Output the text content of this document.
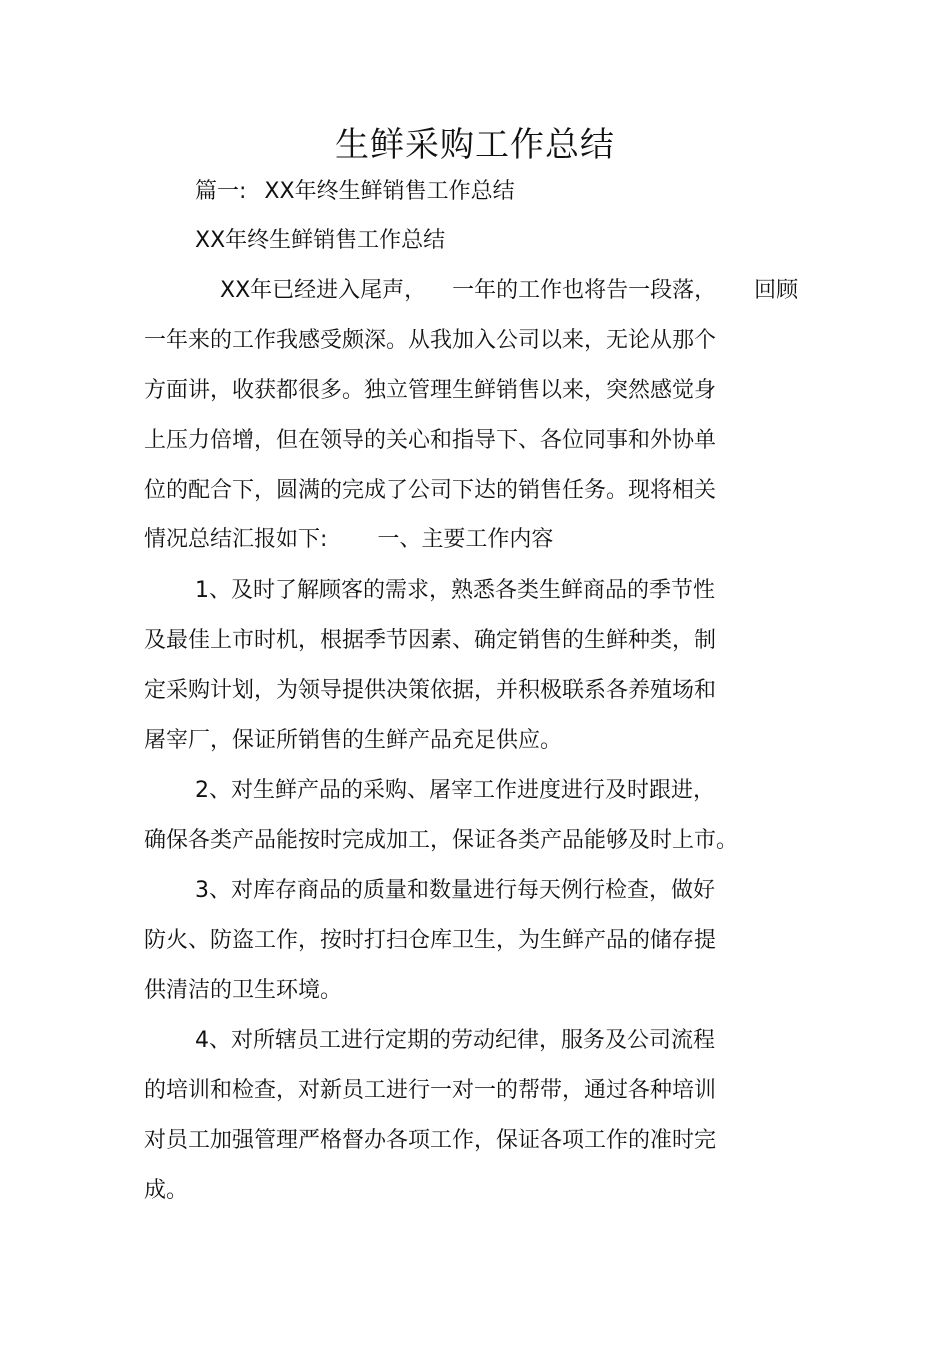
生鲜采购工作总结
篇一: XX年终生鲜销售工作总结
XX年终生鲜销售工作总结
XX年已经进入尾声， 一年的工作也将告一段落， 回顾
一年来的工作我感受颇深。从我加入公司以来，无论从那个
方面讲，收获都很多。独立管理生鲜销售以来，突然感觉身
上压力倍增，但在领导的关心和指导下、各位同事和外协单
位的配合下，圆满的完成了公司下达的销售任务。现将相关
情况总结汇报如下: 一、主要工作内容
1、及时了解顾客的需求，熟悉各类生鲜商品的季节性
及最佳上市时机，根据季节因素、确定销售的生鲜种类，制
定采购计划，为领导提供决策依据，并积极联系各养殖场和
屠宰厂，保证所销售的生鲜产品充足供应。
2、对生鲜产品的采购、屠宰工作进度进行及时跟进，
确保各类产品能按时完成加工，保证各类产品能够及时上市。
3、对库存商品的质量和数量进行每天例行检查，做好
防火、防盗工作，按时打扫仓库卫生，为生鲜产品的储存提
供清洁的卫生环境。
4、对所辖员工进行定期的劳动纪律，服务及公司流程
的培训和检查，对新员工进行一对一的帮带，通过各种培训
对员工加强管理严格督办各项工作，保证各项工作的准时完
成。
